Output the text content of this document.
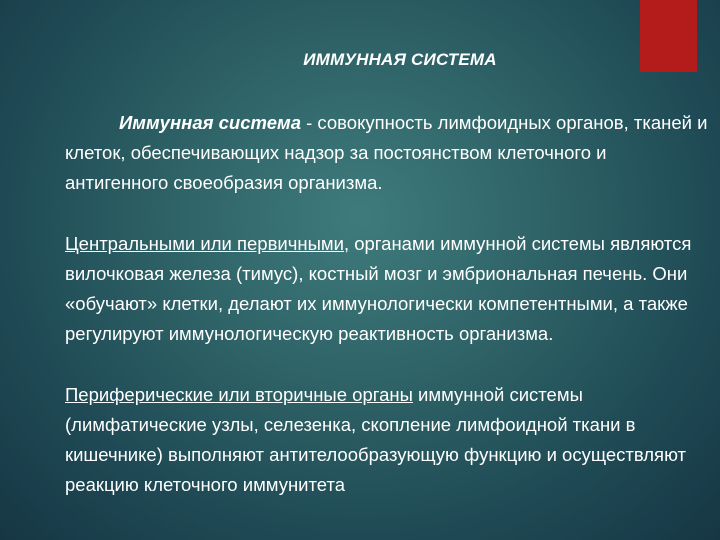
ИММУННАЯ СИСТЕМА

Иммунная система - совокупность лимфоидных органов, тканей и клеток, обеспечивающих надзор за постоянством клеточного и антигенного своеобразия организма.

Центральными или первичными, органами иммунной системы являются вилочковая железа (тимус), костный мозг и эмбриональная печень. Они «обучают» клетки, делают их иммунологически компетентными, а также регулируют иммунологическую реактивность организма.

Периферические или вторичные органы иммунной системы (лимфатические узлы, селезенка, скопление лимфоидной ткани в кишечнике) выполняют антителообразующую функцию и осуществляют реакцию клеточного иммунитета
